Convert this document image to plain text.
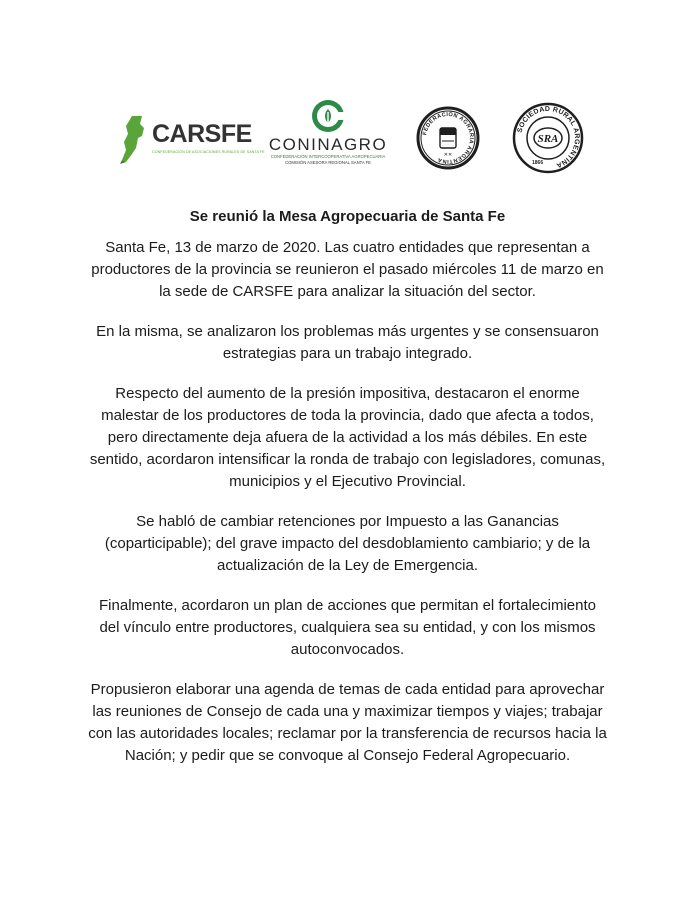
CARSFE
CONFEDERACIÓN DE ASOCIACIONES RURALES DE SANTA FE CONINAGRO
CONFEDERACIÓN INTERCOOPERATIVA AGROPECUARIA
COMISIÓN ASESORA REGIONAL SANTA FE
FEDERACIÓN AGRARIA ARGENTINA
✕✕
SOCIEDAD RURAL ARGENTINA
SRA
1866
Se reunió la Mesa Agropecuaria de Santa Fe
Santa Fe, 13 de marzo de 2020. Las cuatro entidades que representan a
productores de la provincia se reunieron el pasado miércoles 11 de marzo en
la sede de CARSFE para analizar la situación del sector.
En la misma, se analizaron los problemas más urgentes y se consensuaron
estrategias para un trabajo integrado.
Respecto del aumento de la presión impositiva, destacaron el enorme
malestar de los productores de toda la provincia, dado que afecta a todos,
pero directamente deja afuera de la actividad a los más débiles. En este
sentido, acordaron intensificar la ronda de trabajo con legisladores, comunas,
municipios y el Ejecutivo Provincial.
Se habló de cambiar retenciones por Impuesto a las Ganancias
(coparticipable); del grave impacto del desdoblamiento cambiario; y de la
actualización de la Ley de Emergencia.
Finalmente, acordaron un plan de acciones que permitan el fortalecimiento
del vínculo entre productores, cualquiera sea su entidad, y con los mismos
autoconvocados.
Propusieron elaborar una agenda de temas de cada entidad para aprovechar
las reuniones de Consejo de cada una y maximizar tiempos y viajes; trabajar
con las autoridades locales; reclamar por la transferencia de recursos hacia la
Nación; y pedir que se convoque al Consejo Federal Agropecuario.
